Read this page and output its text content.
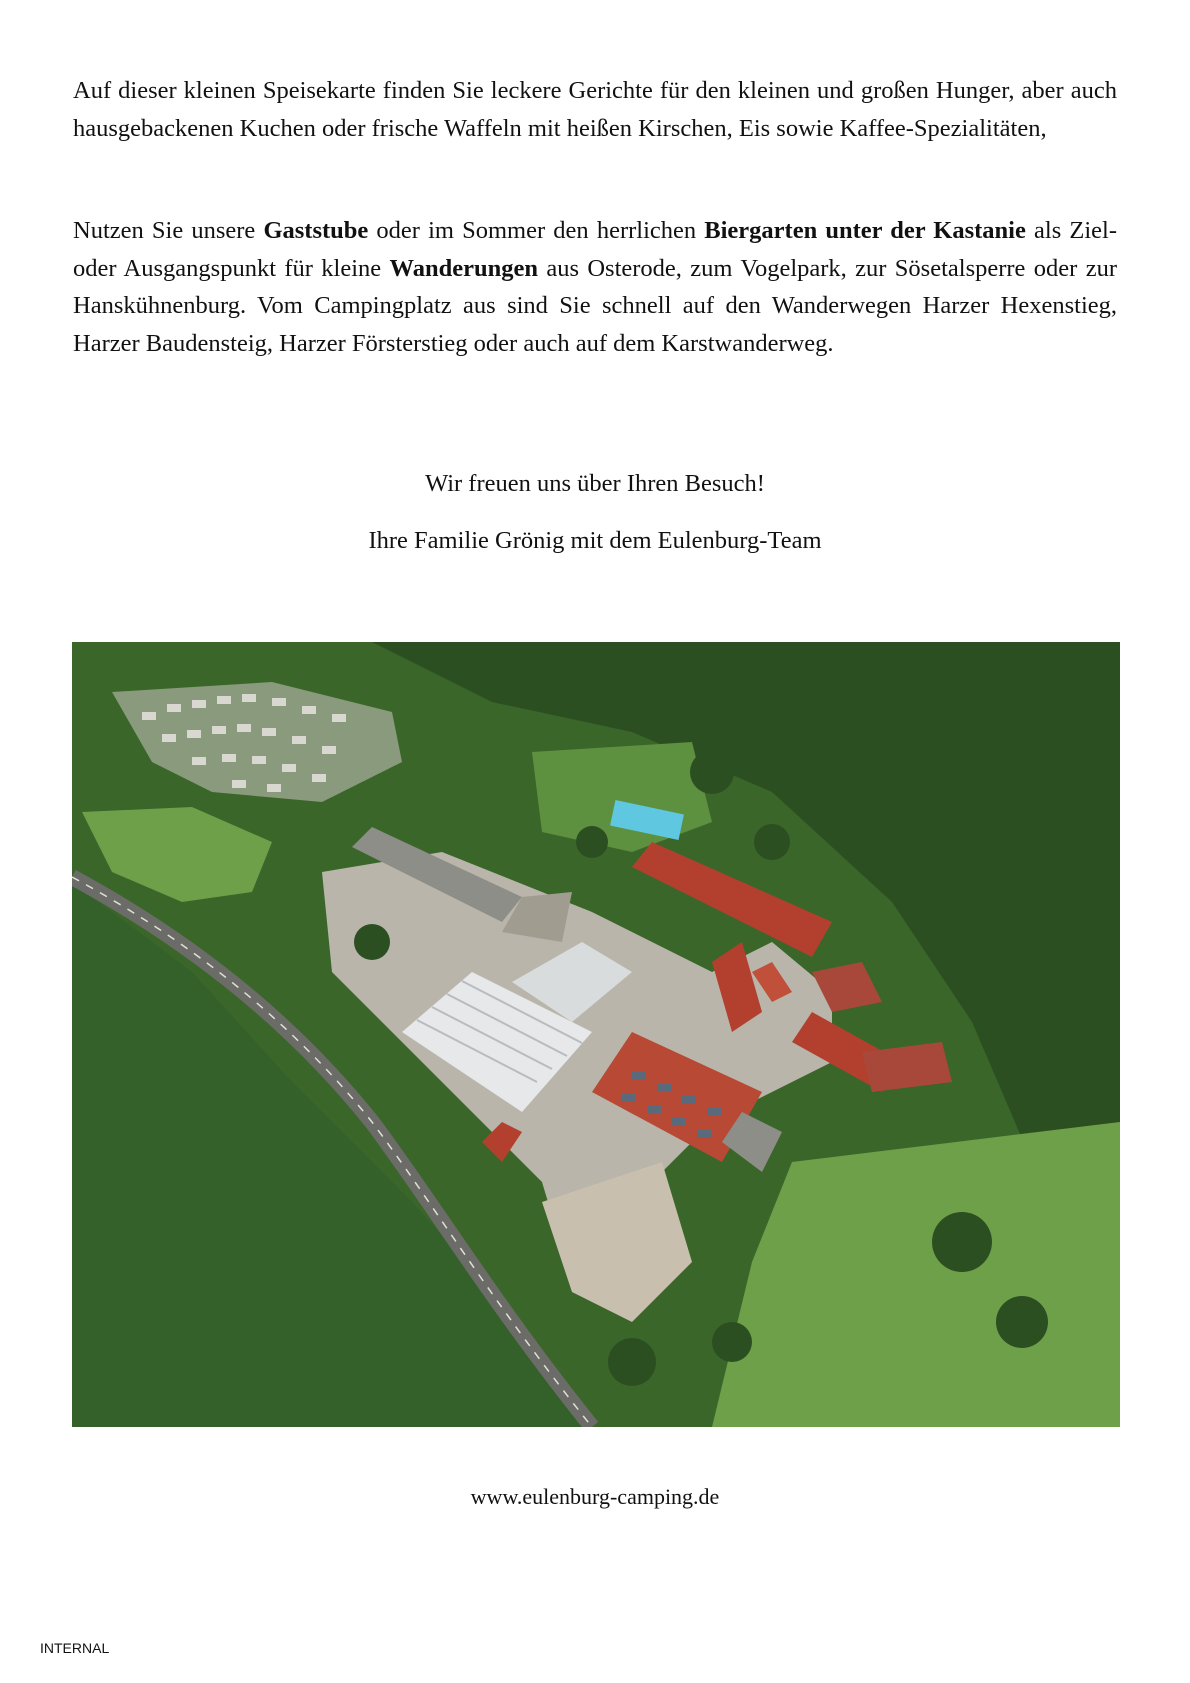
Auf dieser kleinen Speisekarte finden Sie leckere Gerichte für den kleinen und großen Hunger, aber auch hausgebackenen Kuchen oder frische Waffeln mit heißen Kirschen, Eis sowie Kaffee-Spezialitäten,

Nutzen Sie unsere Gaststube oder im Sommer den herrlichen Biergarten unter der Kastanie als Ziel- oder Ausgangspunkt für kleine Wanderungen aus Osterode, zum Vogelpark, zur Sösetalsperre oder zur Hanskühnenburg. Vom Campingplatz aus sind Sie schnell auf den Wanderwegen Harzer Hexenstieg, Harzer Baudensteig, Harzer Försterstieg oder auch auf dem Karstwanderweg.

Wir freuen uns über Ihren Besuch!

Ihre Familie Grönig mit dem Eulenburg-Team

www.eulenburg-camping.de

INTERNAL
